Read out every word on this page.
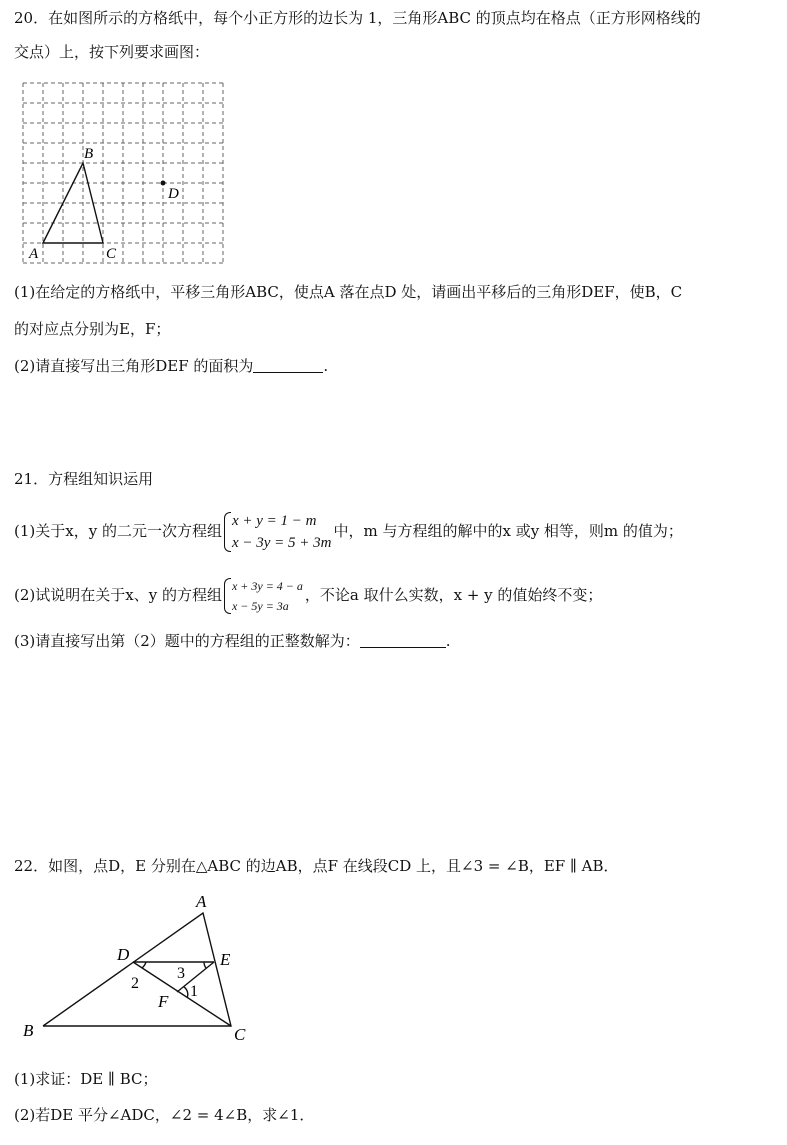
20．在如图所示的方格纸中，每个小正方形的边长为 1，三角形ABC 的顶点均在格点（正方形网格线的
交点）上，按下列要求画图：
A
B
C
D
(1)在给定的方格纸中，平移三角形ABC，使点A 落在点D 处，请画出平移后的三角形DEF，使B，C
的对应点分别为E，F；
(2)请直接写出三角形DEF 的面积为	.
21．方程组知识运用
(1)关于x，y 的二元一次方程组
x + y = 1 − m
x − 3y = 5 + 3m
中，m 与方程组的解中的x 或y 相等，则m 的值为；
(2)试说明在关于x、y 的方程组 x + 3y = 4 − a
x − 5y = 3a
，不论a 取什么实数，x + y 的值始终不变；
(3)请直接写出第（2）题中的方程组的正整数解为：	.
22．如图，点D，E 分别在△ABC 的边AB，点F 在线段CD 上，且∠3 = ∠B，EF ∥ AB．
A
B	C
D	E
F
1
2
3
(1)求证：DE ∥ BC；
(2)若DE 平分∠ADC，∠2 = 4∠B，求∠1．
